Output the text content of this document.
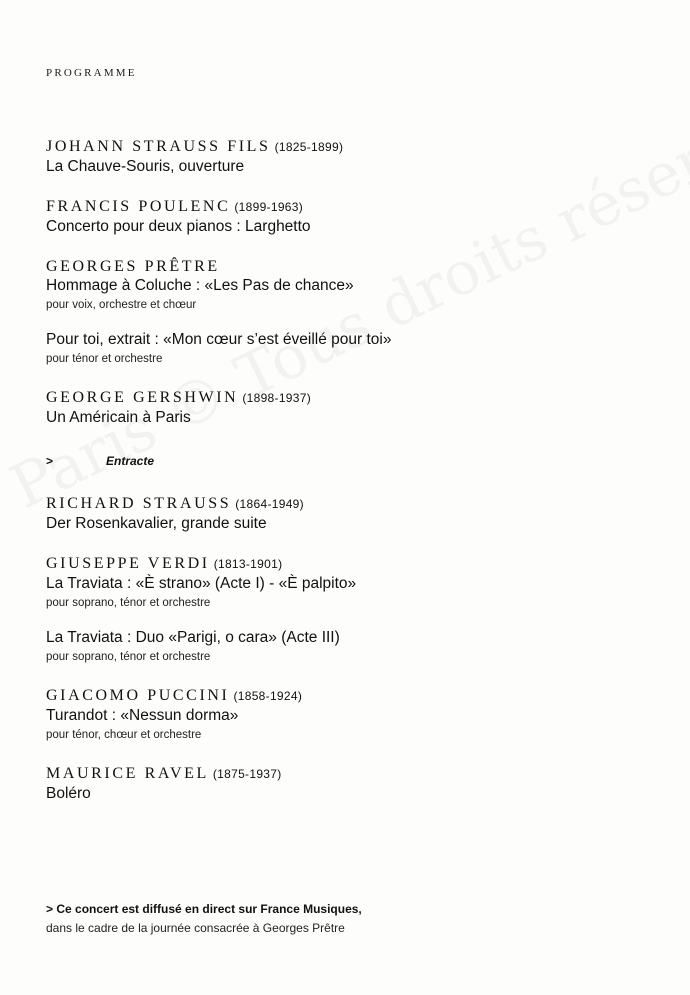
PROGRAMME
JOHANN STRAUSS FILS (1825-1899)
La Chauve-Souris, ouverture
FRANCIS POULENC (1899-1963)
Concerto pour deux pianos : Larghetto
GEORGES PRÊTRE
Hommage à Coluche : «Les Pas de chance»
pour voix, orchestre et chœur
Pour toi, extrait : «Mon cœur s’est éveillé pour toi»
pour ténor et orchestre
GEORGE GERSHWIN (1898-1937)
Un Américain à Paris
>	Entracte
RICHARD STRAUSS (1864-1949)
Der Rosenkavalier, grande suite
GIUSEPPE VERDI (1813-1901)
La Traviata : «È strano» (Acte I) - «È palpito»
pour soprano, ténor et orchestre
La Traviata : Duo «Parigi, o cara» (Acte III)
pour soprano, ténor et orchestre
GIACOMO PUCCINI (1858-1924)
Turandot : «Nessun dorma»
pour ténor, chœur et orchestre
MAURICE RAVEL (1875-1937)
Boléro
> Ce concert est diffusé en direct sur France Musiques,
dans le cadre de la journée consacrée à Georges Prêtre
